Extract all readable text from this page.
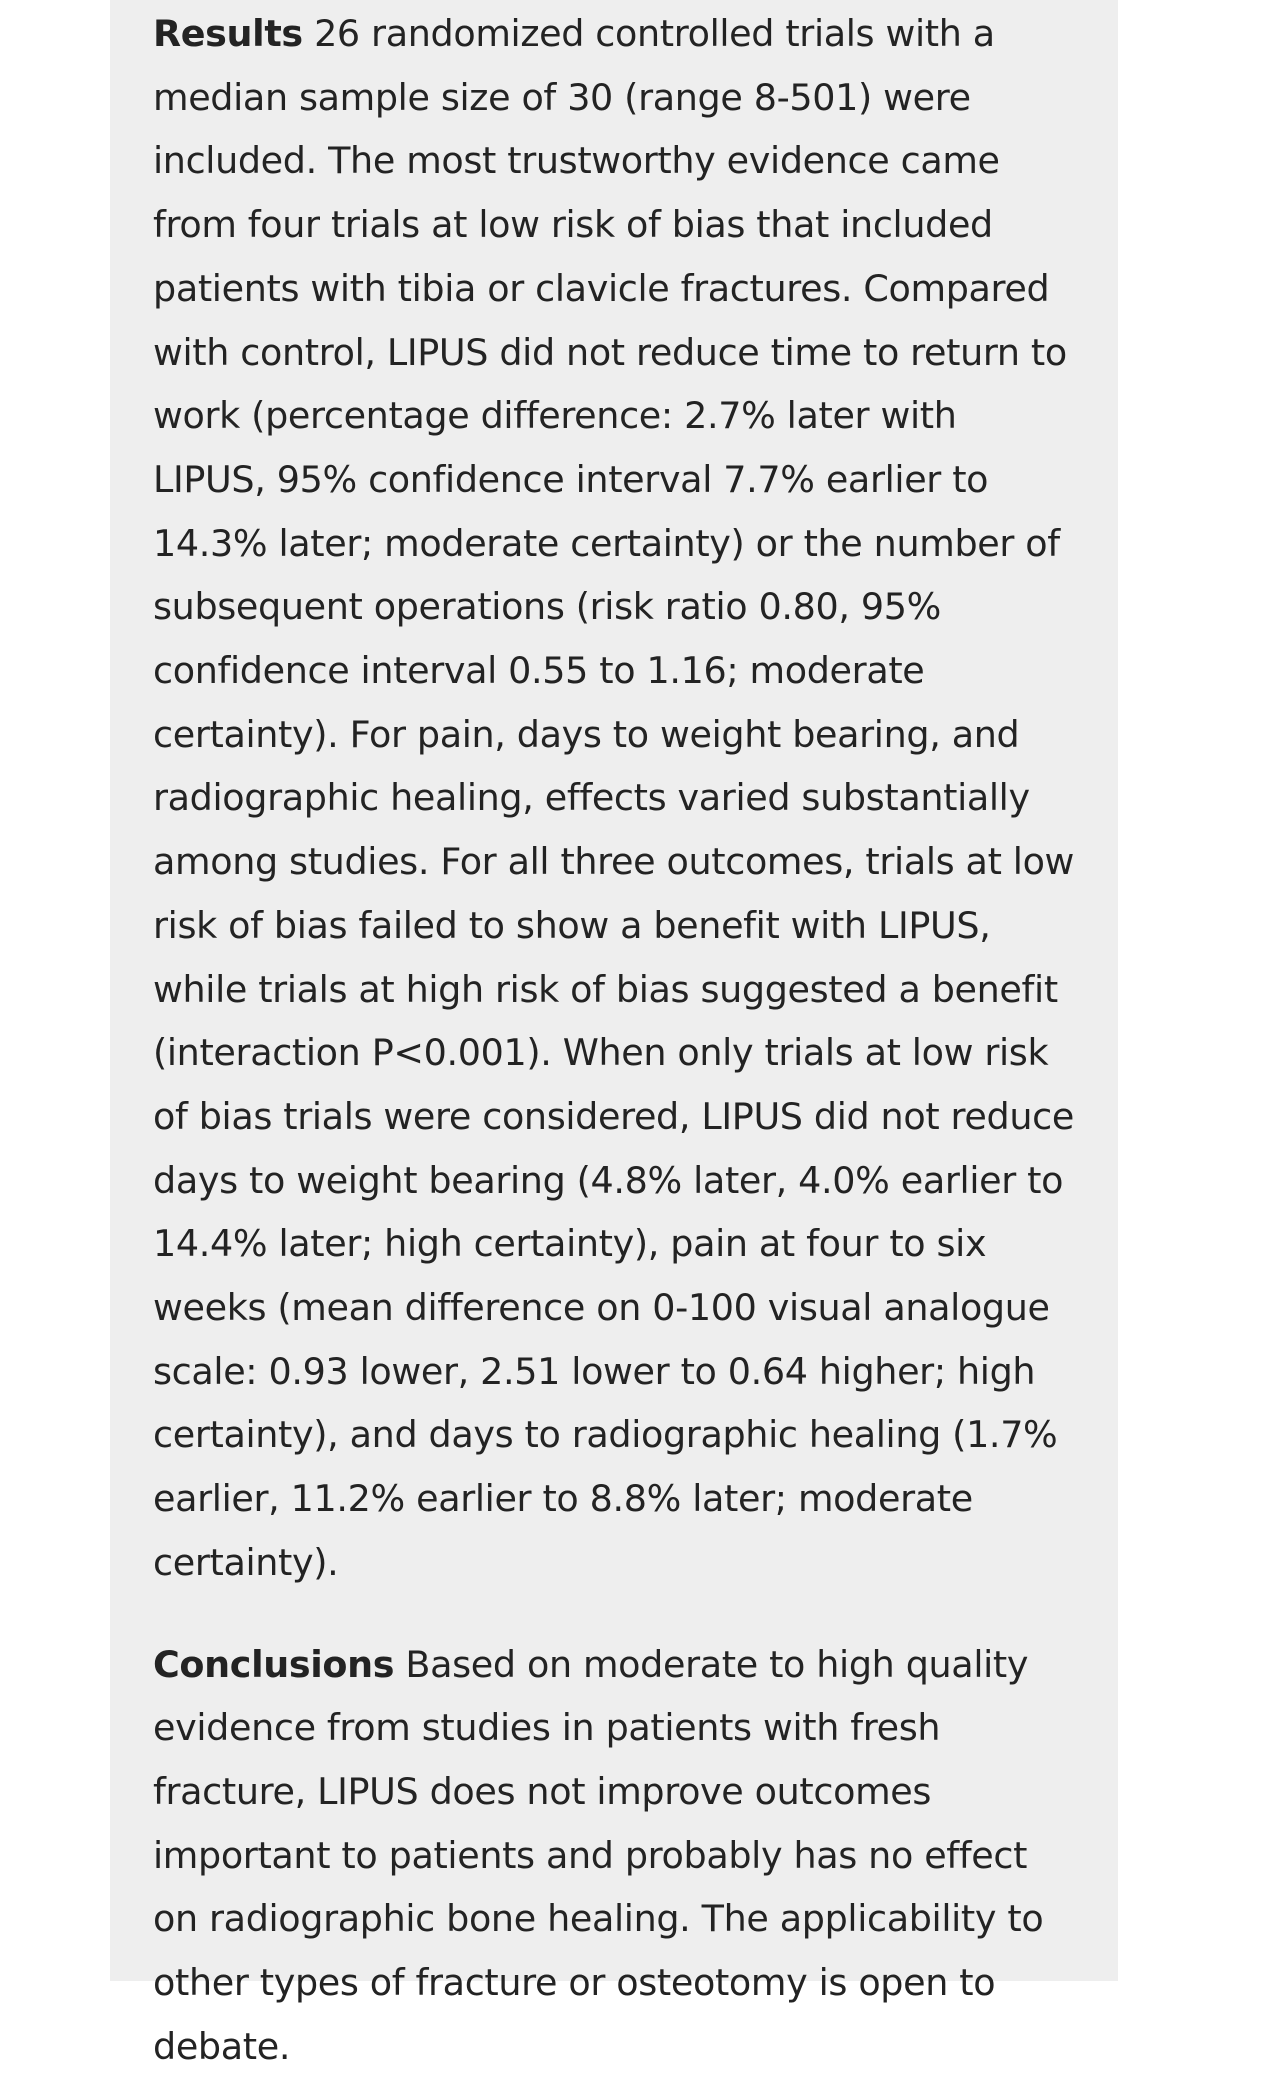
Results 26 randomized controlled trials with a median sample size of 30 (range 8-501) were included. The most trustworthy evidence came from four trials at low risk of bias that included patients with tibia or clavicle fractures. Compared with control, LIPUS did not reduce time to return to work (percentage difference: 2.7% later with LIPUS, 95% confidence interval 7.7% earlier to 14.3% later; moderate certainty) or the number of subsequent operations (risk ratio 0.80, 95% confidence interval 0.55 to 1.16; moderate certainty). For pain, days to weight bearing, and radiographic healing, effects varied substantially among studies. For all three outcomes, trials at low risk of bias failed to show a benefit with LIPUS, while trials at high risk of bias suggested a benefit (interaction P<0.001). When only trials at low risk of bias trials were considered, LIPUS did not reduce days to weight bearing (4.8% later, 4.0% earlier to 14.4% later; high certainty), pain at four to six weeks (mean difference on 0-100 visual analogue scale: 0.93 lower, 2.51 lower to 0.64 higher; high certainty), and days to radiographic healing (1.7% earlier, 11.2% earlier to 8.8% later; moderate certainty).

Conclusions Based on moderate to high quality evidence from studies in patients with fresh fracture, LIPUS does not improve outcomes important to patients and probably has no effect on radiographic bone healing. The applicability to other types of fracture or osteotomy is open to debate.
